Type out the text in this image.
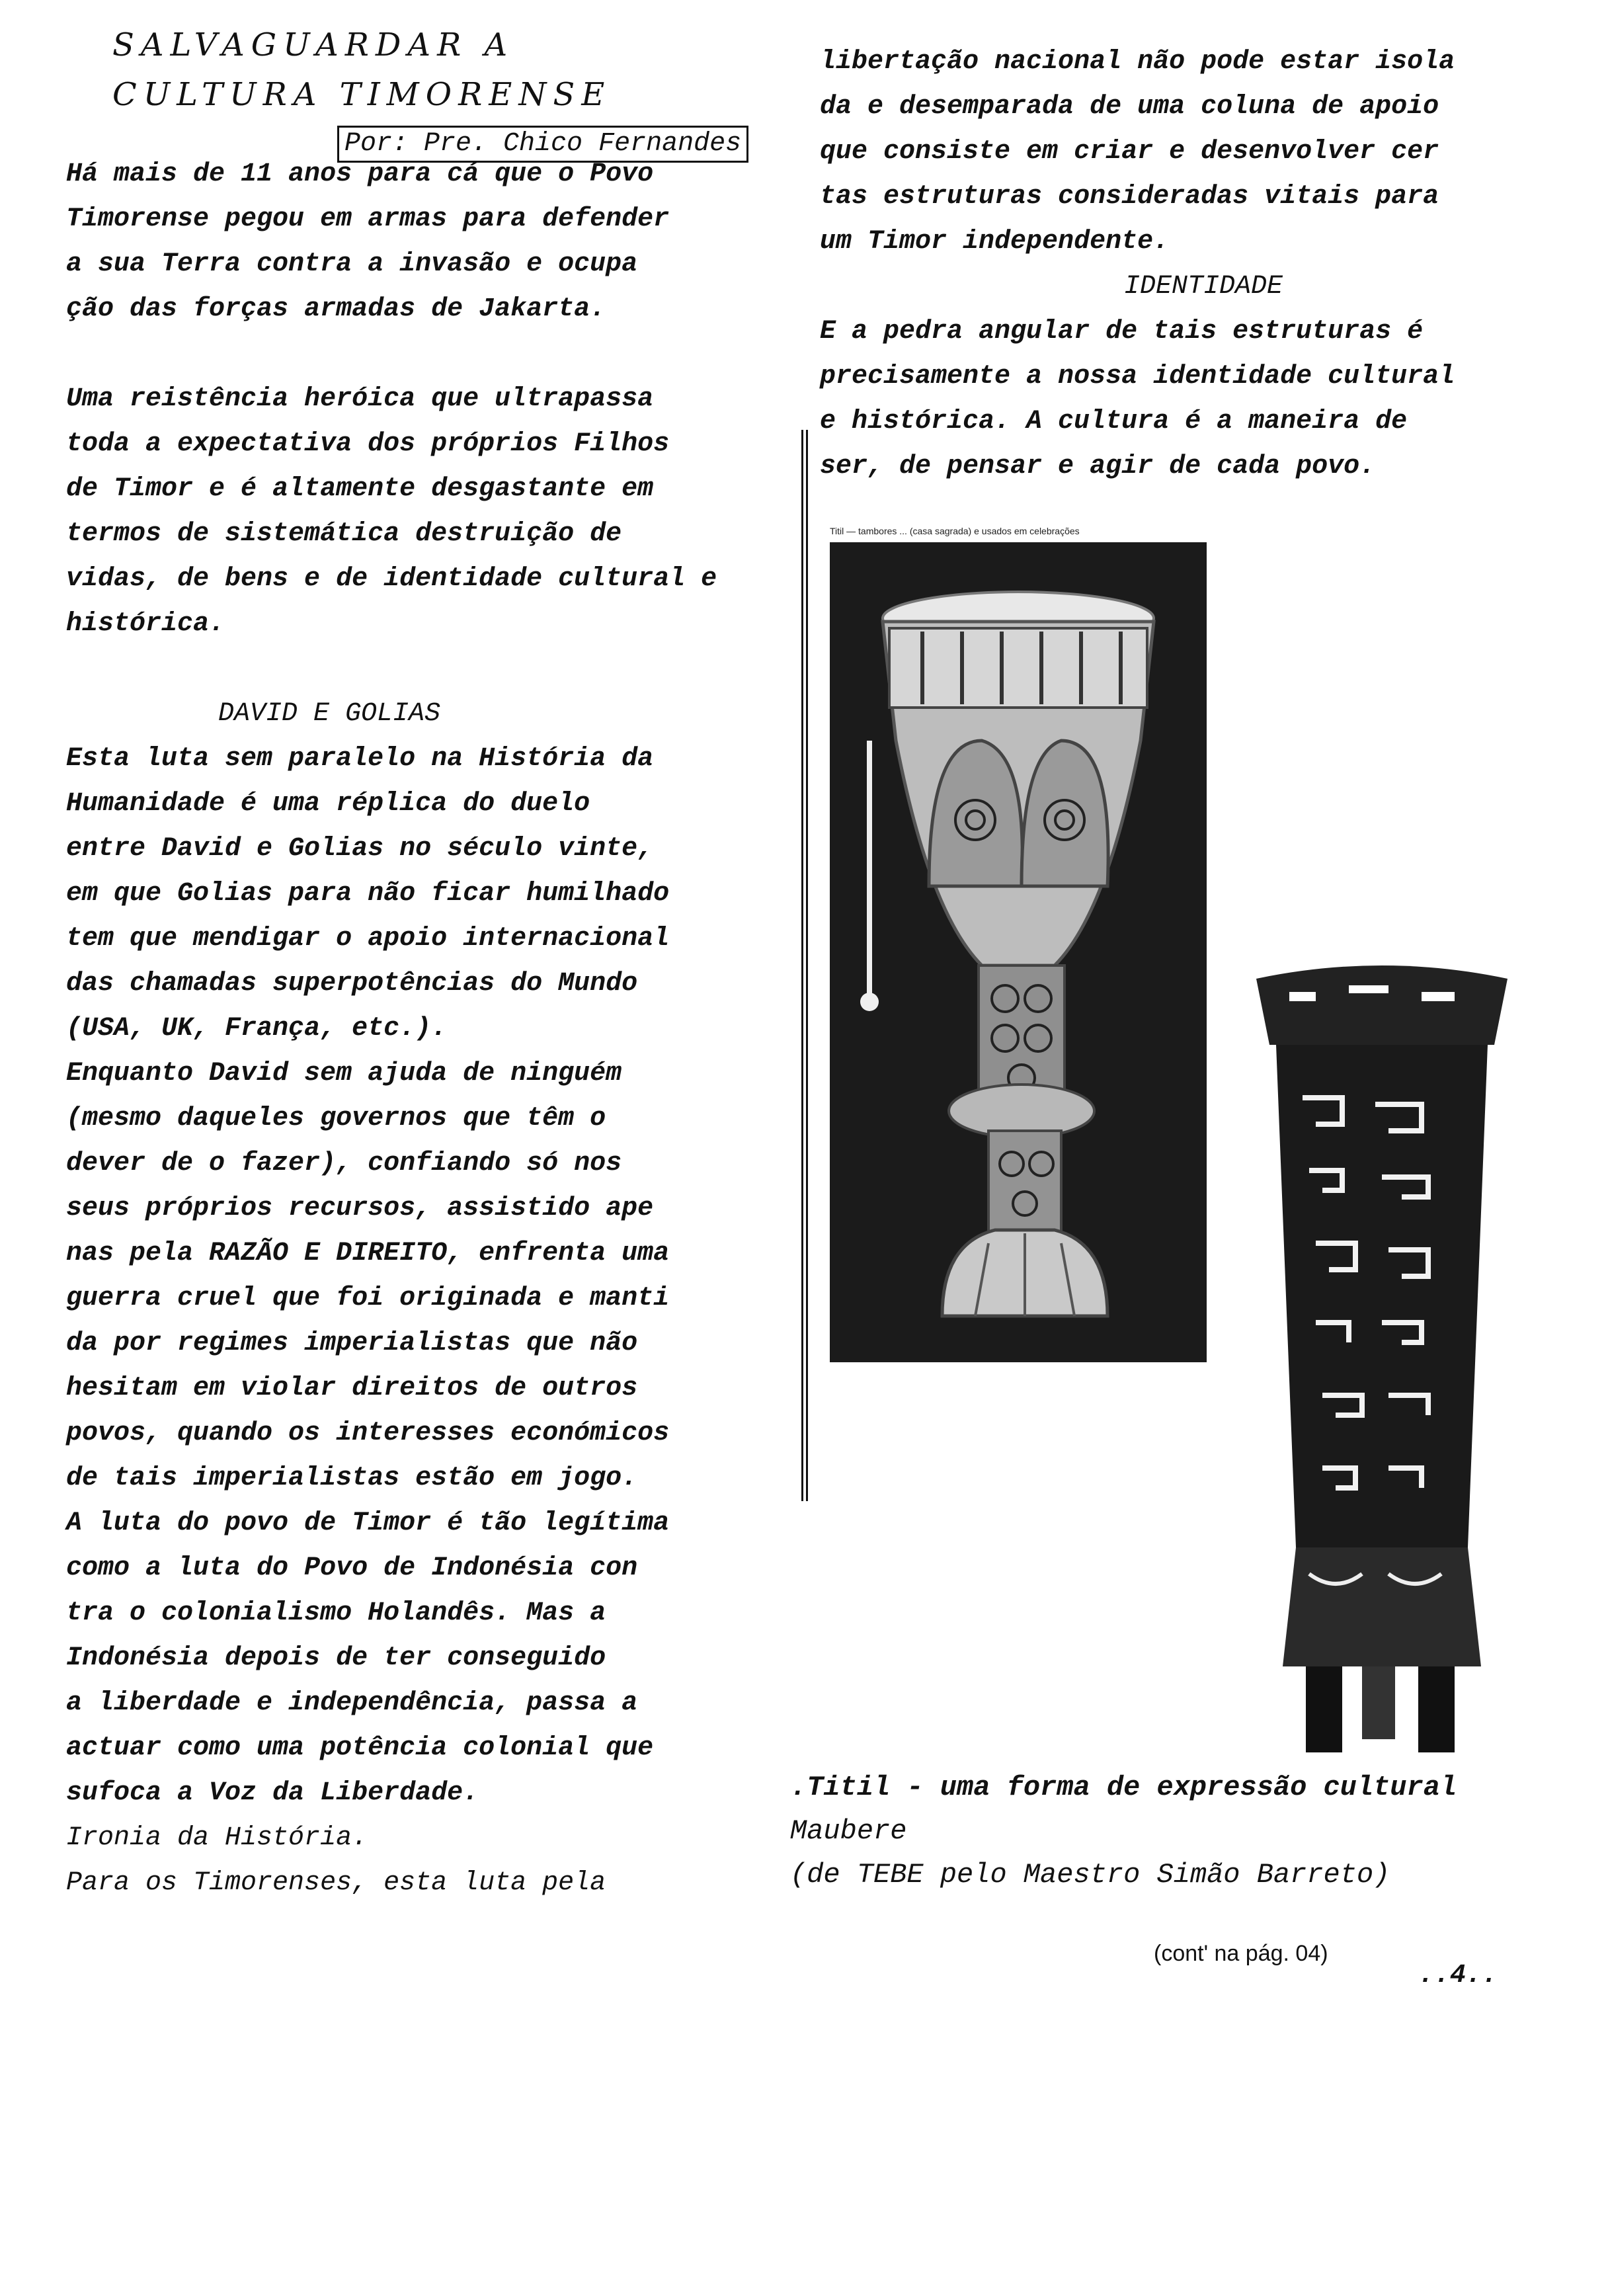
SALVAGUARDAR A
CULTURA TIMORENSE
Por: Pre. Chico Fernandes

Há mais de 11 anos para cá que o Povo

Timorense pegou em armas para defender

a sua Terra contra a invasão e ocupa

ção das forças armadas de Jakarta.

Uma reistência heróica que ultrapassa

toda a expectativa dos próprios Filhos

de Timor e é altamente desgastante em

termos de sistemática destruição de

vidas, de bens e de identidade cultural e

histórica.

DAVID E GOLIAS

Esta luta sem paralelo na História da

Humanidade é uma réplica do duelo

entre David e Golias no século vinte,

em que Golias para não ficar humilhado

tem que mendigar o apoio internacional

das chamadas superpotências do Mundo

(USA, UK, França, etc.).

Enquanto David sem ajuda de ninguém

(mesmo daqueles governos que têm o

dever de o fazer), confiando só nos

seus próprios recursos, assistido ape

nas pela RAZÃO E DIREITO, enfrenta uma

guerra cruel que foi originada e manti

da por regimes imperialistas que não

hesitam em violar direitos de outros

povos, quando os interesses económicos

de tais imperialistas estão em jogo.

A luta do povo de Timor é tão legítima

como a luta do Povo de Indonésia con

tra o colonialismo Holandês. Mas a

Indonésia depois de ter conseguido

a liberdade e independência, passa a

actuar como uma potência colonial que

sufoca a Voz da Liberdade.

Ironia da História.

Para os Timorenses, esta luta pela

libertação nacional não pode estar isola

da e desemparada de uma coluna de apoio

que consiste em criar e desenvolver cer

tas estruturas consideradas vitais para

um Timor independente.

IDENTIDADE

E a pedra angular de tais estruturas é

precisamente a nossa identidade cultural

e histórica. A cultura é a maneira de

ser, de pensar e agir de cada povo.

Titil — tambores ... (casa sagrada) e usados em celebrações

.Titil - uma forma de expressão cultural

Maubere

(de TEBE pelo Maestro Simão Barreto)

(cont' na pág. 04)
..4..
